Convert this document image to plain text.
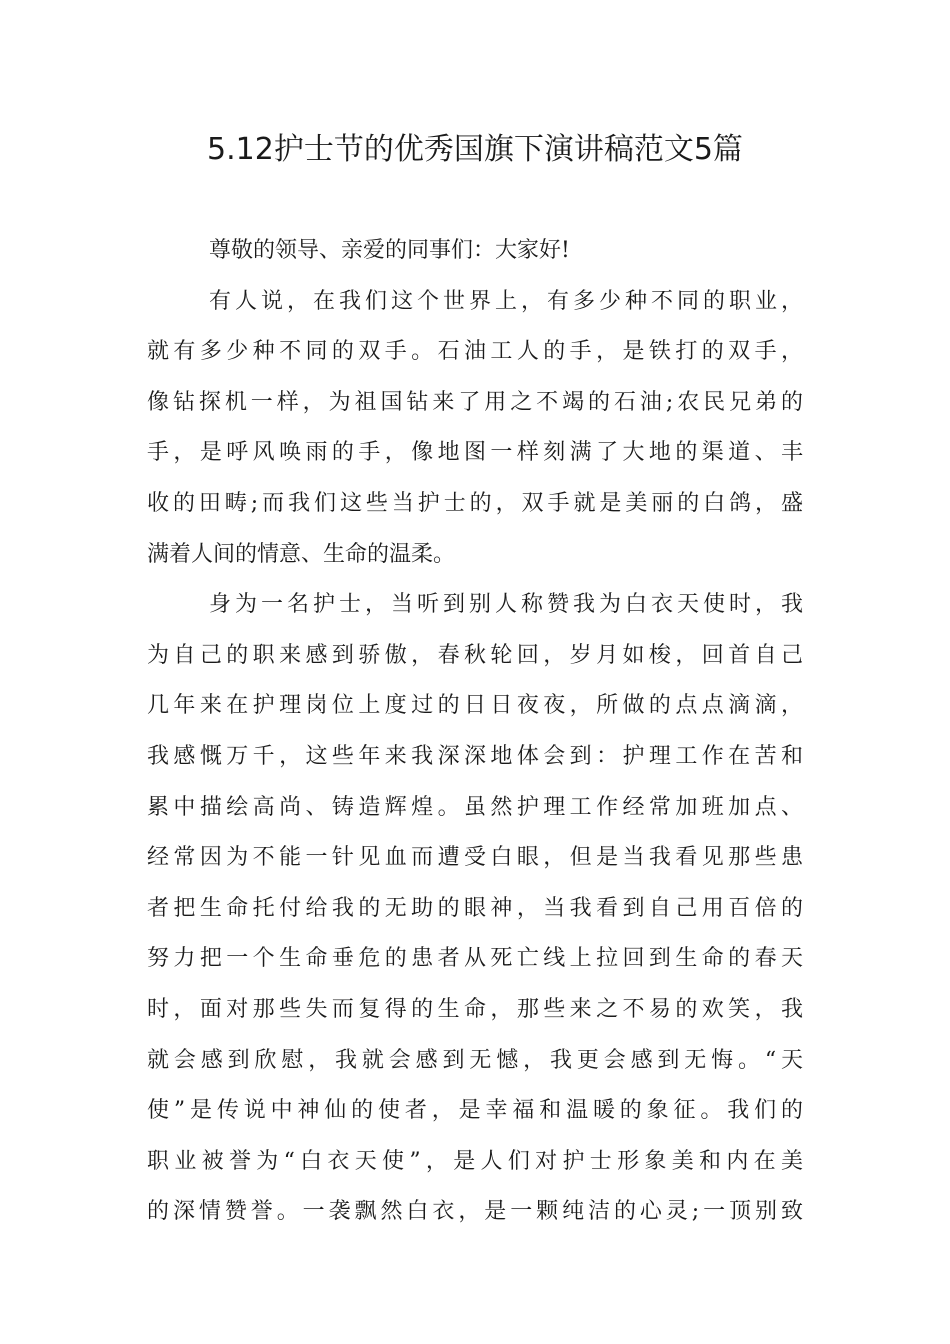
5.12护士节的优秀国旗下演讲稿范文5篇
尊敬的领导、亲爱的同事们：大家好!
有人说，在我们这个世界上，有多少种不同的职业，
就有多少种不同的双手。石油工人的手，是铁打的双手，
像钻探机一样，为祖国钻来了用之不竭的石油;农民兄弟的
手，是呼风唤雨的手，像地图一样刻满了大地的渠道、丰
收的田畴;而我们这些当护士的，双手就是美丽的白鸽，盛
满着人间的情意、生命的温柔。
身为一名护士，当听到别人称赞我为白衣天使时，我
为自己的职来感到骄傲，春秋轮回，岁月如梭，回首自己
几年来在护理岗位上度过的日日夜夜，所做的点点滴滴，
我感慨万千，这些年来我深深地体会到：护理工作在苦和
累中描绘高尚、铸造辉煌。虽然护理工作经常加班加点、
经常因为不能一针见血而遭受白眼，但是当我看见那些患
者把生命托付给我的无助的眼神，当我看到自己用百倍的
努力把一个生命垂危的患者从死亡线上拉回到生命的春天
时，面对那些失而复得的生命，那些来之不易的欢笑，我
就会感到欣慰，我就会感到无憾，我更会感到无悔。“天
使”是传说中神仙的使者，是幸福和温暖的象征。我们的
职业被誉为“白衣天使”，是人们对护士形象美和内在美
的深情赞誉。一袭飘然白衣，是一颗纯洁的心灵;一顶别致
